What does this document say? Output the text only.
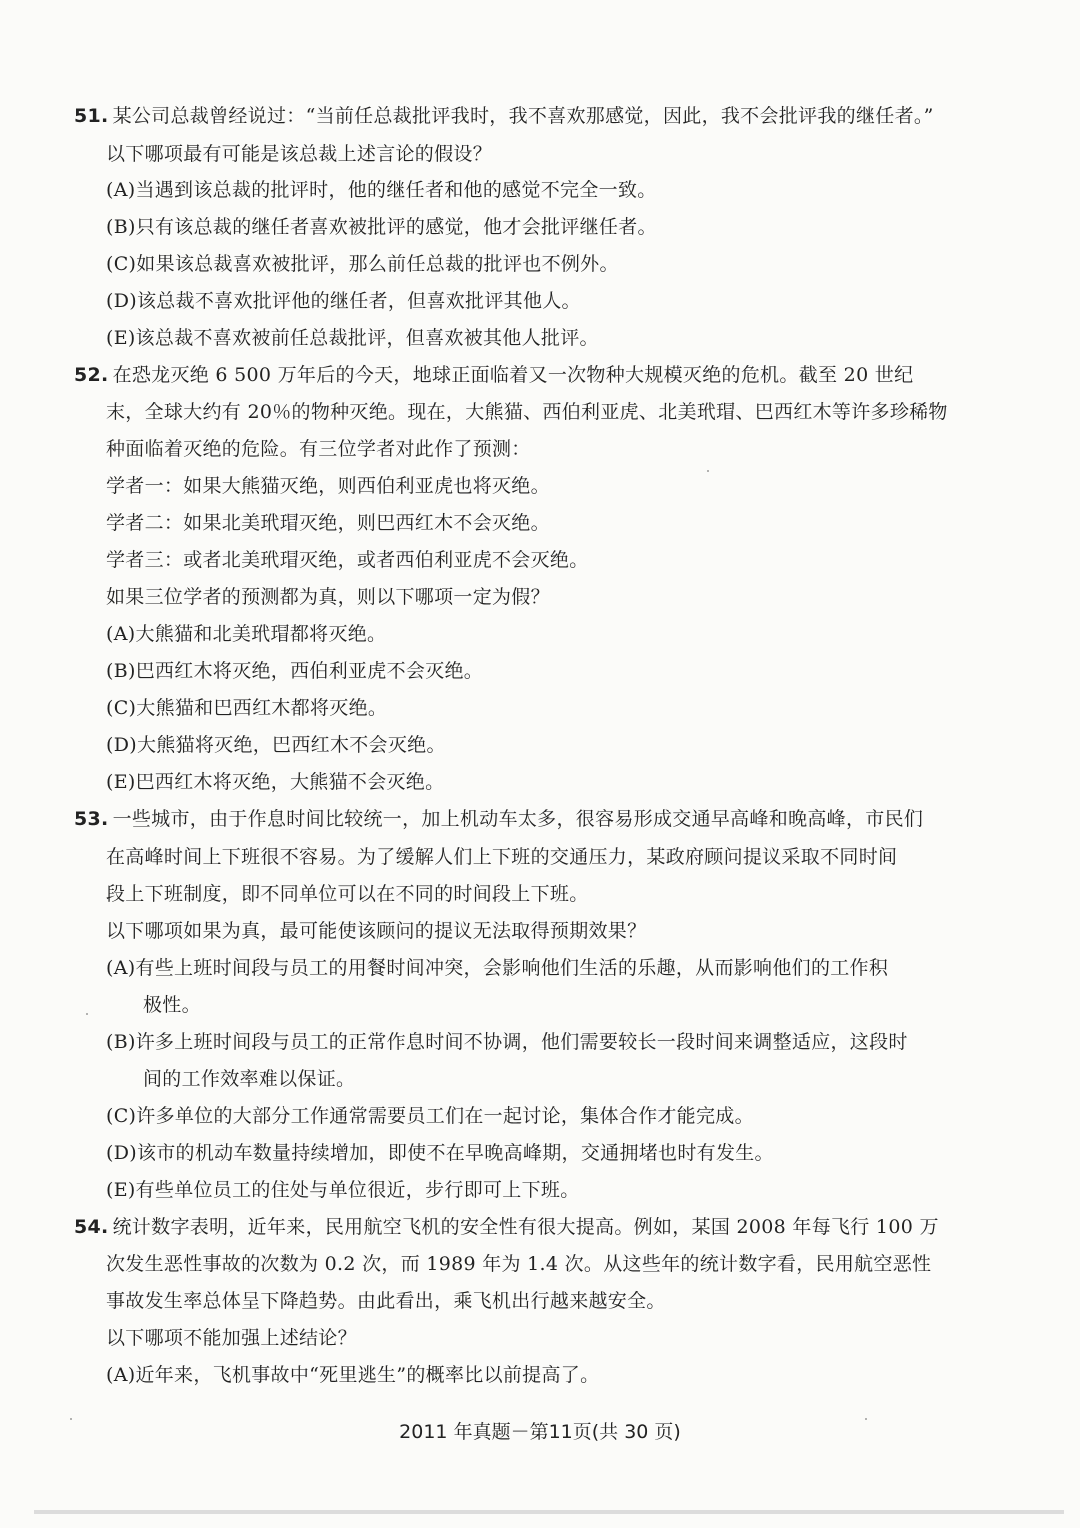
51. 某公司总裁曾经说过：“当前任总裁批评我时，我不喜欢那感觉，因此，我不会批评我的继任者。”
以下哪项最有可能是该总裁上述言论的假设？
(A)当遇到该总裁的批评时，他的继任者和他的感觉不完全一致。
(B)只有该总裁的继任者喜欢被批评的感觉，他才会批评继任者。
(C)如果该总裁喜欢被批评，那么前任总裁的批评也不例外。
(D)该总裁不喜欢批评他的继任者，但喜欢批评其他人。
(E)该总裁不喜欢被前任总裁批评，但喜欢被其他人批评。
52. 在恐龙灭绝 6 500 万年后的今天，地球正面临着又一次物种大规模灭绝的危机。截至 20 世纪
末，全球大约有 20％的物种灭绝。现在，大熊猫、西伯利亚虎、北美玳瑁、巴西红木等许多珍稀物
种面临着灭绝的危险。有三位学者对此作了预测：
学者一：如果大熊猫灭绝，则西伯利亚虎也将灭绝。
学者二：如果北美玳瑁灭绝，则巴西红木不会灭绝。
学者三：或者北美玳瑁灭绝，或者西伯利亚虎不会灭绝。
如果三位学者的预测都为真，则以下哪项一定为假？
(A)大熊猫和北美玳瑁都将灭绝。
(B)巴西红木将灭绝，西伯利亚虎不会灭绝。
(C)大熊猫和巴西红木都将灭绝。
(D)大熊猫将灭绝，巴西红木不会灭绝。
(E)巴西红木将灭绝，大熊猫不会灭绝。
53. 一些城市，由于作息时间比较统一，加上机动车太多，很容易形成交通早高峰和晚高峰，市民们
在高峰时间上下班很不容易。为了缓解人们上下班的交通压力，某政府顾问提议采取不同时间
段上下班制度，即不同单位可以在不同的时间段上下班。
以下哪项如果为真，最可能使该顾问的提议无法取得预期效果？
(A)有些上班时间段与员工的用餐时间冲突，会影响他们生活的乐趣，从而影响他们的工作积
极性。
(B)许多上班时间段与员工的正常作息时间不协调，他们需要较长一段时间来调整适应，这段时
间的工作效率难以保证。
(C)许多单位的大部分工作通常需要员工们在一起讨论，集体合作才能完成。
(D)该市的机动车数量持续增加，即使不在早晚高峰期，交通拥堵也时有发生。
(E)有些单位员工的住处与单位很近，步行即可上下班。
54. 统计数字表明，近年来，民用航空飞机的安全性有很大提高。例如，某国 2008 年每飞行 100 万
次发生恶性事故的次数为 0.2 次，而 1989 年为 1.4 次。从这些年的统计数字看，民用航空恶性
事故发生率总体呈下降趋势。由此看出，乘飞机出行越来越安全。
以下哪项不能加强上述结论？
(A)近年来，飞机事故中“死里逃生”的概率比以前提高了。
2011 年真题－第11页(共 30 页)
